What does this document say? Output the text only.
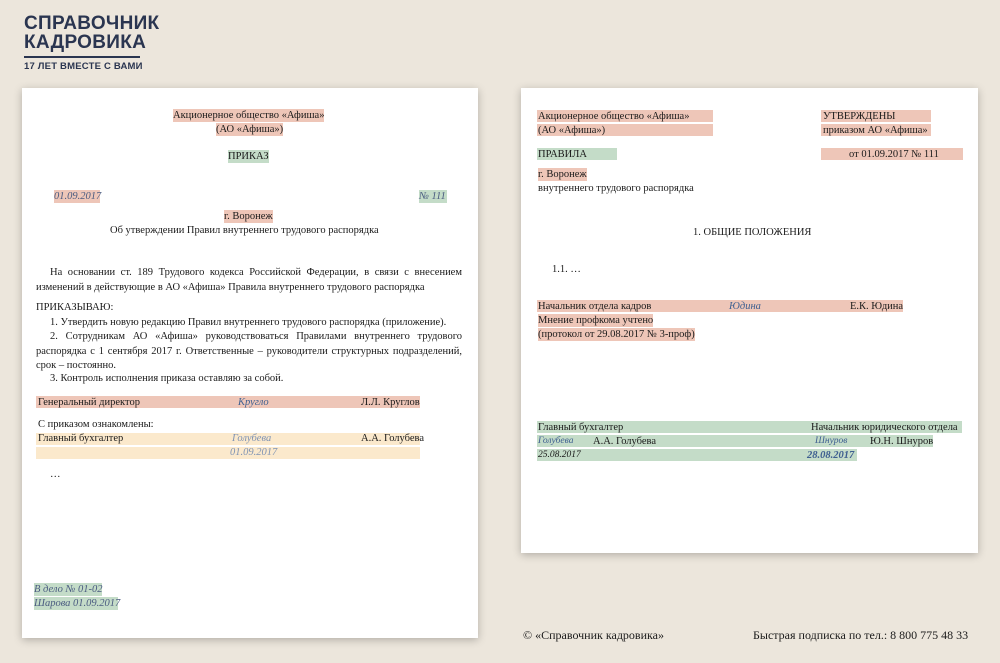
СПРАВОЧНИК
КАДРОВИКА
17 ЛЕТ ВМЕСТЕ С ВАМИ
Акционерное общество «Афиша»
(АО «Афиша»)
ПРИКАЗ
01.09.2017	№ 111
г. Воронеж
Об утверждении Правил внутреннего трудового распорядка
На основании ст. 189 Трудового кодекса Российской Федерации, в связи с внесением изменений в действующие в АО «Афиша» Правила внутреннего трудового распорядка
ПРИКАЗЫВАЮ:
1. Утвердить новую редакцию Правил внутреннего трудового распорядка (приложение).
2. Сотрудникам АО «Афиша» руководствоваться Правилами внутреннего трудового распорядка с 1 сентября 2017 г. Ответственные – руководители структурных подразделений, срок – постоянно.
3. Контроль исполнения приказа оставляю за собой.
Генеральный директор	Кругло	Л.Л. Круглов
С приказом ознакомлены:
Главный бухгалтер	Голубева	А.А. Голубева
01.09.2017
…
В дело № 01-02
Шарова 01.09.2017
Акционерное общество «Афиша»
(АО «Афиша»)
УТВЕРЖДЕНЫ
приказом АО «Афиша»
ПРАВИЛА	от 01.09.2017 № 111
г. Воронеж
внутреннего трудового распорядка
1. ОБЩИЕ ПОЛОЖЕНИЯ
1.1. …
Начальник отдела кадров	Юдина	Е.К. Юдина
Мнение профкома учтено
(протокол от 29.08.2017 № 3-проф)
Главный бухгалтер	Начальник юридического отдела
Голубева А.А. Голубева	Шнуров Ю.Н. Шнуров
25.08.2017	28.08.2017
© «Справочник кадровика»	Быстрая подписка по тел.: 8 800 775 48 33
